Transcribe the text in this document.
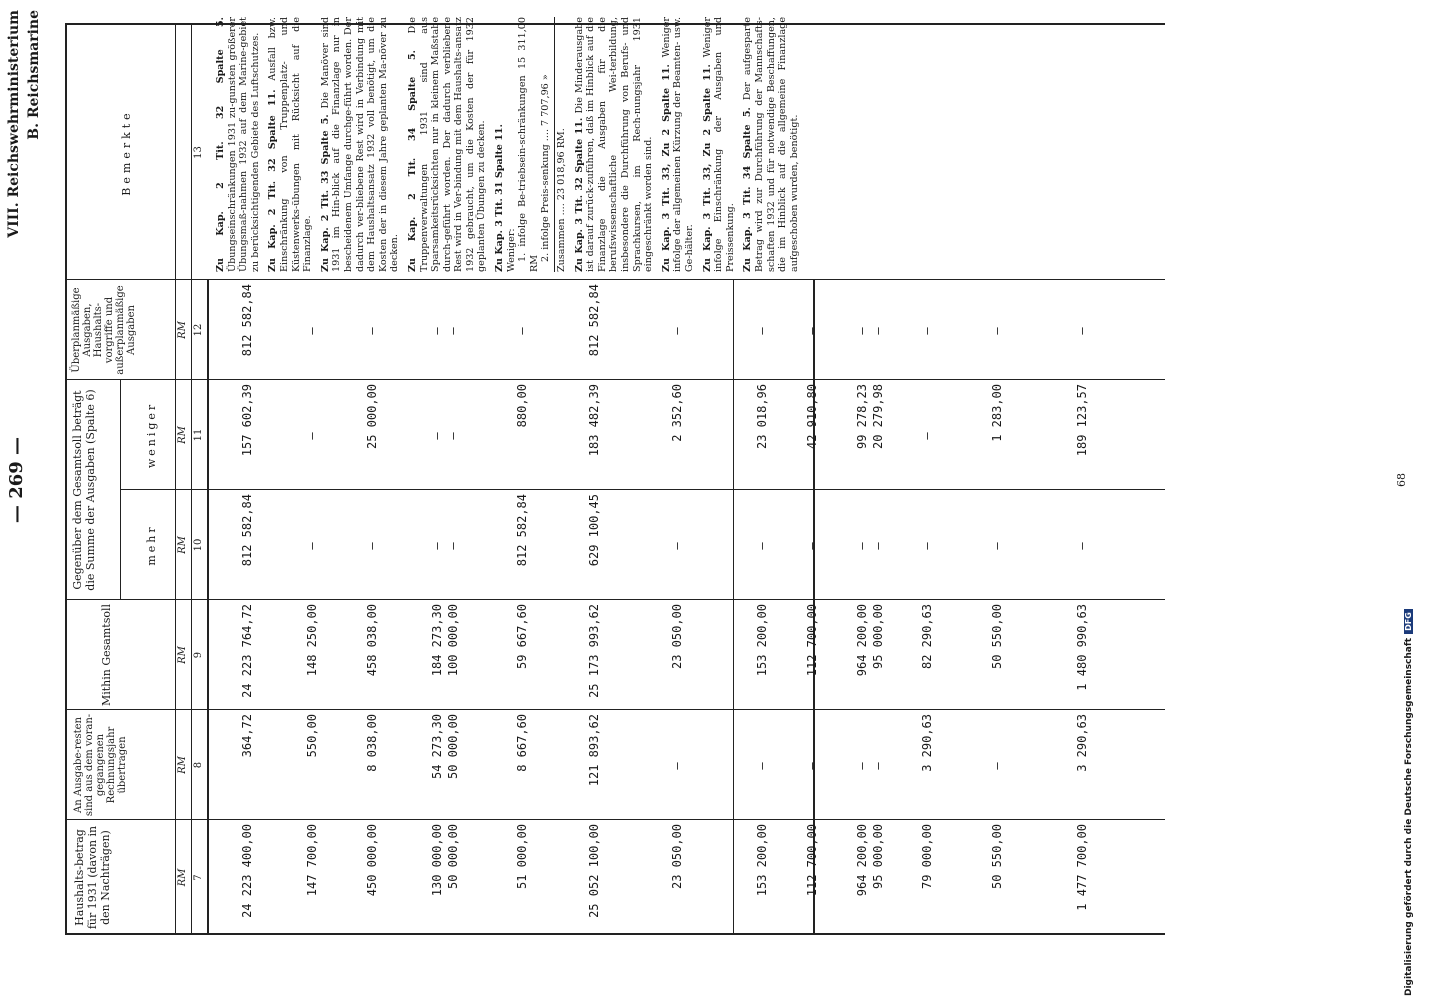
— 269 —
VIII. Reichswehrministerium B. Reichsmarine
Haushalts-betrag für 1931 (davon in den Nachträgen)
An Ausgabe-resten sind aus dem voran-gegangenen Rechnungsjahr übertragen
Mithin Gesamtsoll
Gegenüber dem Gesamtsoll beträgt die Summe der Ausgaben (Spalte 6)	mehr
weniger
Überplanmäßige Ausgaben, Haushalts-vorgriffe und außerplanmäßige Ausgaben
Bemerkte
RM
RM
RM
RM
RM
RM
7
8
9
10
11
12
13
24 223 400,00
364,72
24 223 764,72
812 582,84
157 602,39
812 582,84
147 700,00
550,00
148 250,00
—
—
—
450 000,00
8 038,00
458 038,00
—
25 000,00
—
130 000,00 50 000,00
54 273,30 50 000,00
184 273,30 100 000,00
— —
— —
— —
51 000,00
8 667,60
59 667,60
812 582,84
880,00
—
25 052 100,00
121 893,62
25 173 993,62
629 100,45
183 482,39
812 582,84
23 050,00
—
23 050,00
—
2 352,60
—
153 200,00
—
153 200,00
—
23 018,96
—
112 700,00
—
112 700,00
—
42 910,80
—
964 200,00 95 000,00
— —
964 200,00 95 000,00
— —
99 278,23 20 279,98
— —
79 000,00
3 290,63
82 290,63
—
—
—
50 550,00
—
50 550,00
—
1 283,00
—
1 477 700,00
3 290,63
1 480 990,63
—
189 123,57
—

Zu Kap. 2 Tit. 32 Spalte 5. Übungseinschränkungen 1931 zu-gunsten größerer Übungsmaß-nahmen 1932 auf dem Marine-gebiet zu berücksichtigenden Gebiete des Luftschutzes. Zu Kap. 2 Tit. 32 Spalte 11. Ausfall bzw. Einschränkung von Truppenplatz- und Küstenwerks-übungen mit Rücksicht auf die Finanzlage. Zu Kap. 2 Tit. 33 Spalte 5. Die Manöver sind 1931 im Hin-blick auf die Finanzlage nur in bescheidenem Umfange durchge-führt worden. Der dadurch ver-bliebene Rest wird in Verbindung mit dem Haushaltsansatz 1932 voll benötigt, um die Kosten der in diesem Jahre geplanten Ma-növer zu decken. Zu Kap. 2 Tit. 34 Spalte 5. Die Truppenverwaltungen 1931 sind aus Sparsamkeitsrücksichten nur in kleinem Maßstabe durch-geführt worden. Der dadurch verbliebene Rest wird in Ver-bindung mit dem Haushalts-ansatz 1932 gebraucht, um die Kosten der für 1932 geplanten Übungen zu decken. Zu Kap. 3 Tit. 31 Spalte 11.
Weniger:
1. infolge Be-triebsein-schränkungen 15 311,00 RM
2. infolge Preis-senkung .... 7 707,96 » Zusammen .... 23 018,96 RM. Zu Kap. 3 Tit. 32 Spalte 11. Die Minderausgabe ist darauf zurück-zuführen, daß im Hinblick auf die Finanzlage die Ausgaben für die berufswissenschaftliche Wei-terbildung, insbesondere die Durchführung von Berufs- und Sprachkursen, im Rech-nungsjahr 1931 eingeschränkt worden sind. Zu Kap. 3 Tit. 33, Zu 2 Spalte 11. Weniger infolge der allgemeinen Kürzung der Beamten- usw. Ge-hälter. Zu Kap. 3 Tit. 33, Zu 2 Spalte 11. Weniger infolge Einschränkung der Ausgaben und Preissenkung. Zu Kap. 3 Tit. 34 Spalte 5. Der aufgesparte Betrag wird zur Durchführung der Mannschafts-schaften 1932 und für notwendige Beschaffungen, die im Hinblick auf die allgemeine Finanzlage aufgeschoben wurden, benötigt.

68
Digitalisierung gefördert durch die Deutsche ForschungsgemeinschaftDFG
